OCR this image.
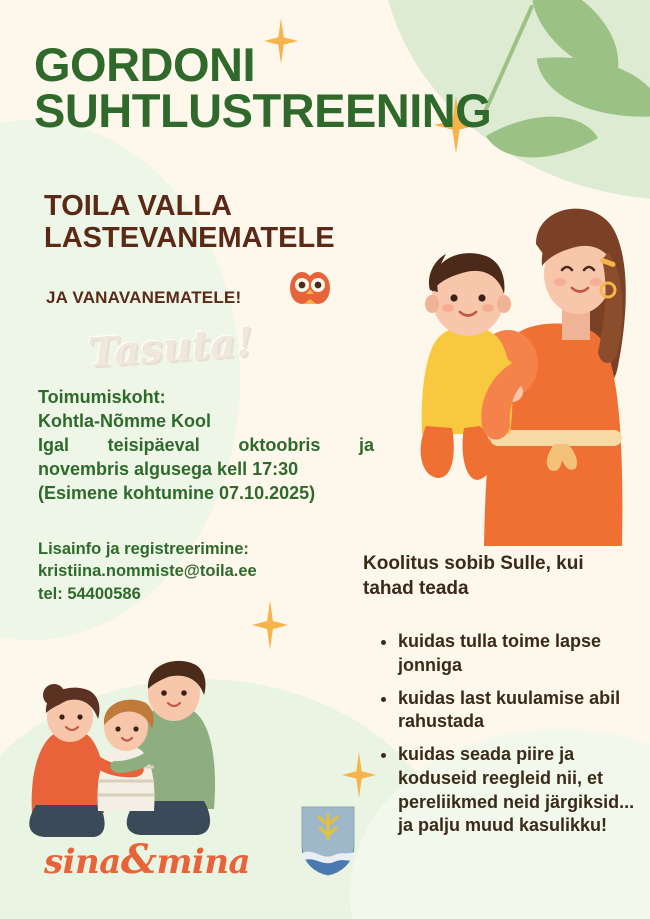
GORDONI
SUHTLUSTREENING
TOILA VALLA
LASTEVANEMATELE
JA VANAVANEMATELE!
Tasuta!
Toimumiskoht:
Kohtla-Nõmme Kool
Igal teisipäeval oktoobris ja
novembris algusega kell 17:30
(Esimene kohtumine 07.10.2025)
Lisainfo ja registreerimine:
kristiina.nommiste@toila.ee
tel: 54400586
Koolitus sobib Sulle, kui
tahad teada
• kuidas tulla toime lapse jonniga
• kuidas last kuulamise abil rahustada
• kuidas seada piire ja koduseid reegleid nii, et pereliikmed neid järgiksid... ja palju muud kasulikku!
sina&mina
